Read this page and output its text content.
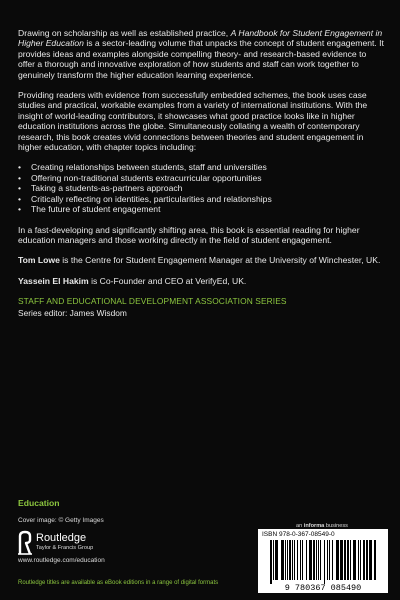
Drawing on scholarship as well as established practice, A Handbook for Student Engagement in Higher Education is a sector-leading volume that unpacks the concept of student engagement. It provides ideas and examples alongside compelling theory- and research-based evidence to offer a thorough and innovative exploration of how students and staff can work together to genuinely transform the higher education learning experience.

Providing readers with evidence from successfully embedded schemes, the book uses case studies and practical, workable examples from a variety of international institutions. With the insight of world-leading contributors, it showcases what good practice looks like in higher education institutions across the globe. Simultaneously collating a wealth of contemporary research, this book creates vivid connections between theories and student engagement in higher education, with chapter topics including:

• Creating relationships between students, staff and universities
• Offering non-traditional students extracurricular opportunities
• Taking a students-as-partners approach
• Critically reflecting on identities, particularities and relationships
• The future of student engagement

In a fast-developing and significantly shifting area, this book is essential reading for higher education managers and those working directly in the field of student engagement.

Tom Lowe is the Centre for Student Engagement Manager at the University of Winchester, UK.

Yassein El Hakim is Co-Founder and CEO at VerifyEd, UK.

STAFF AND EDUCATIONAL DEVELOPMENT ASSOCIATION SERIES
Series editor: James Wisdom
Education
Cover image: © Getty Images
Routledge
Taylor & Francis Group
www.routledge.com/education
Routledge titles are available as eBook editions in a range of digital formats
an informa business
ISBN 978-0-367-08549-0
9 780367 085490
